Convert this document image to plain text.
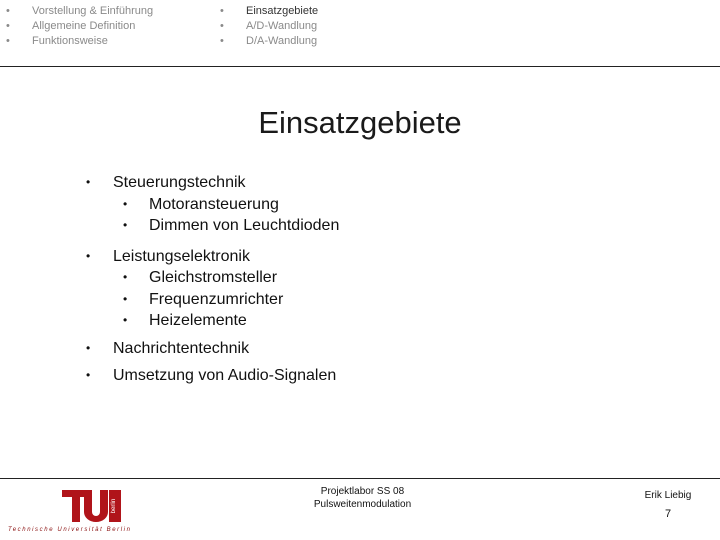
• Vorstellung & Einführung
• Allgemeine Definition
• Funktionsweise
• Einsatzgebiete
• A/D-Wandlung
• D/A-Wandlung
Einsatzgebiete
• Steuerungstechnik
• Motoransteuerung
• Dimmen von Leuchtdioden
• Leistungselektronik
• Gleichstromsteller
• Frequenzumrichter
• Heizelemente
• Nachrichtentechnik
• Umsetzung von Audio-Signalen
berlin
Technische Universität Berlin
Projektlabor SS 08
Pulsweitenmodulation
Erik Liebig
7
